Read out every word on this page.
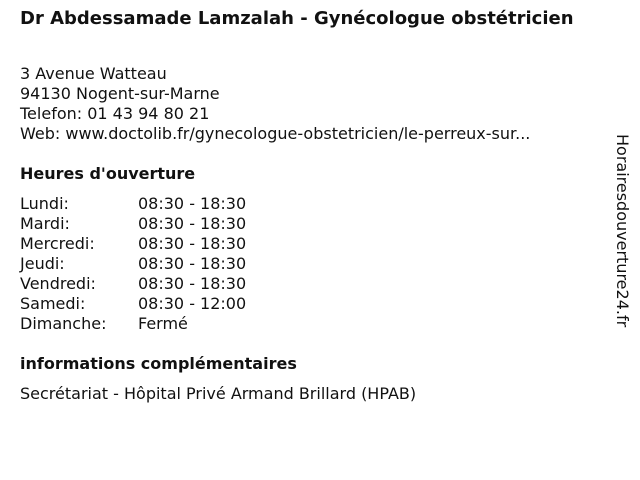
Dr Abdessamade Lamzalah - Gynécologue obstétricien
3 Avenue Watteau
94130 Nogent-sur-Marne
Telefon: 01 43 94 80 21
Web: www.doctolib.fr/gynecologue-obstetricien/le-perreux-sur...
Heures d'ouverture
Lundi:	08:30 - 18:30
Mardi:	08:30 - 18:30
Mercredi:	08:30 - 18:30
Jeudi:	08:30 - 18:30
Vendredi:	08:30 - 18:30
Samedi:	08:30 - 12:00
Dimanche:	Fermé
informations complémentaires
Secrétariat - Hôpital Privé Armand Brillard (HPAB)
Horairesdouverture24.fr
